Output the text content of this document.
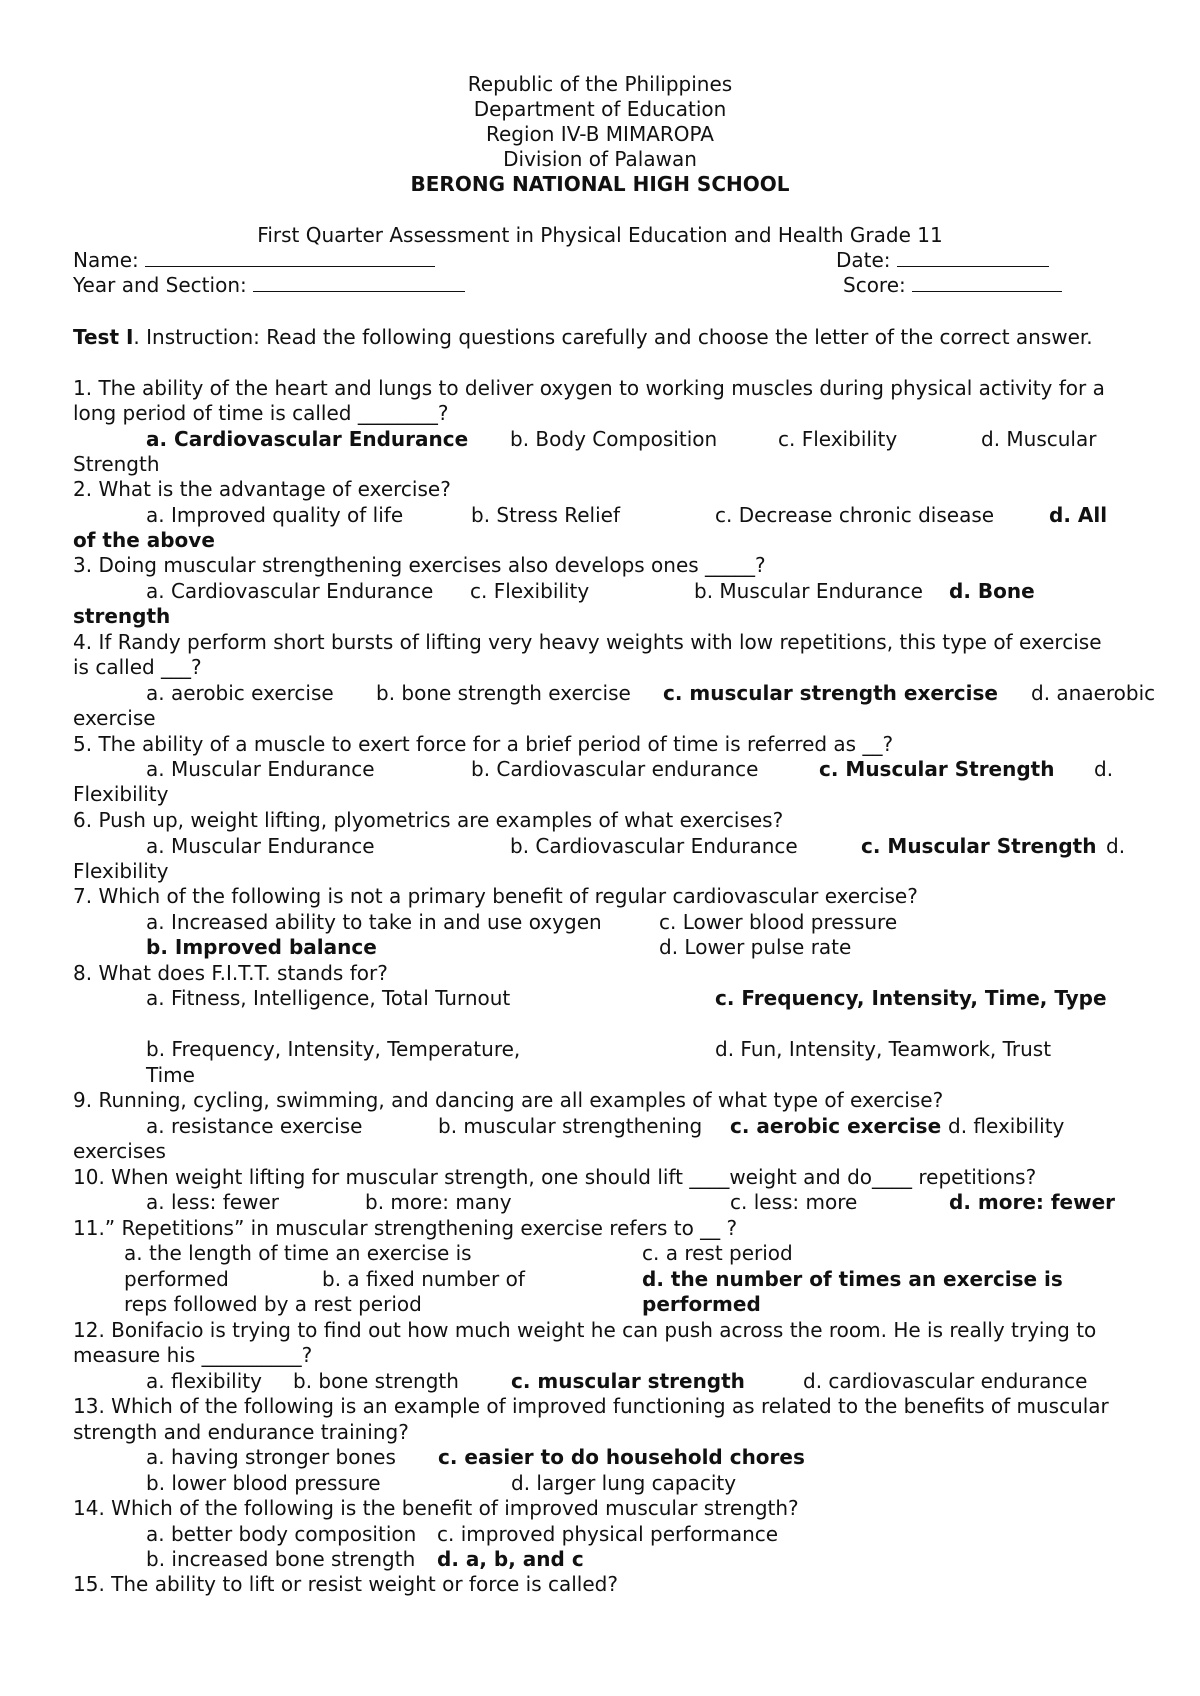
Republic of the Philippines
Department of Education
Region IV-B MIMAROPA
Division of Palawan
BERONG NATIONAL HIGH SCHOOL
First Quarter Assessment in Physical Education and Health Grade 11
Name:	Date:
Year and Section:	Score:
Test I. Instruction: Read the following questions carefully and choose the letter of the correct answer.
1. The ability of the heart and lungs to deliver oxygen to working muscles during physical activity for a
long period of time is called ________?
a. Cardiovascular Endurance b. Body Composition	c. Flexibility	d. Muscular
Strength
2. What is the advantage of exercise?
a. Improved quality of life	b. Stress Relief	c. Decrease chronic disease	d. All
of the above
3. Doing muscular strengthening exercises also develops ones _____?
a. Cardiovascular Endurance c. Flexibility	b. Muscular Endurance d. Bone
strength
4. If Randy perform short bursts of lifting very heavy weights with low repetitions, this type of exercise
is called ___?
a. aerobic exercise b. bone strength exercise c. muscular strength exercise d. anaerobic
exercise
5. The ability of a muscle to exert force for a brief period of time is referred as __?
a. Muscular Endurance	b. Cardiovascular endurance	c. Muscular Strength d.
Flexibility
6. Push up, weight lifting, plyometrics are examples of what exercises?
a. Muscular Endurance	b. Cardiovascular Endurance	c. Muscular Strength d.
Flexibility
7. Which of the following is not a primary benefit of regular cardiovascular exercise?
a. Increased ability to take in and use oxygen	c. Lower blood pressure
b. Improved balance	d. Lower pulse rate
8. What does F.I.T.T. stands for?
a. Fitness, Intelligence, Total Turnout	c. Frequency, Intensity, Time, Type
b. Frequency, Intensity, Temperature,	d. Fun, Intensity, Teamwork, Trust
Time
9. Running, cycling, swimming, and dancing are all examples of what type of exercise?
a. resistance exercise	b. muscular strengthening c. aerobic exercise d. flexibility
exercises
10. When weight lifting for muscular strength, one should lift ____weight and do____ repetitions?
a. less: fewer	b. more: many	c. less: more	d. more: fewer
11.” Repetitions” in muscular strengthening exercise refers to __ ?
a. the length of time an exercise is	c. a rest period
performed	b. a fixed number of	d. the number of times an exercise is
reps followed by a rest period	performed
12. Bonifacio is trying to find out how much weight he can push across the room. He is really trying to
measure his __________?
a. flexibility b. bone strength	c. muscular strength	d. cardiovascular endurance
13. Which of the following is an example of improved functioning as related to the benefits of muscular
strength and endurance training?
a. having stronger bones c. easier to do household chores
b. lower blood pressure	d. larger lung capacity
14. Which of the following is the benefit of improved muscular strength?
a. better body composition c. improved physical performance
b. increased bone strength d. a, b, and c
15. The ability to lift or resist weight or force is called?
